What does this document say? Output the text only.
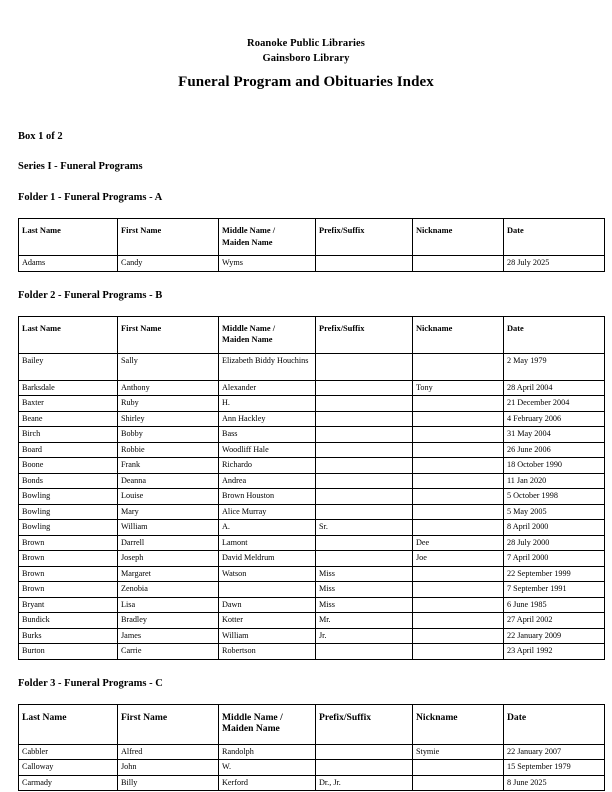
Roanoke Public Libraries
Gainsboro Library
Funeral Program and Obituaries Index
Box 1 of 2
Series I - Funeral Programs
Folder 1 - Funeral Programs - A
Last Name	First Name	Middle Name /
Maiden Name	Prefix/Suffix	Nickname	Date
Adams	Candy	Wyms			28 July 2025
Folder 2 - Funeral Programs - B
Last Name	First Name	Middle Name /
Maiden Name	Prefix/Suffix	Nickname	Date
Bailey	Sally	Elizabeth Biddy Houchins			2 May 1979
Barksdale	Anthony	Alexander		Tony	28 April 2004
Baxter	Ruby	H.			21 December 2004
Beane	Shirley	Ann Hackley			4 February 2006
Birch	Bobby	Bass			31 May 2004
Board	Robbie	Woodliff Hale			26 June 2006
Boone	Frank	Richardo			18 October 1990
Bonds	Deanna	Andrea			11 Jan 2020
Bowling	Louise	Brown Houston			5 October 1998
Bowling	Mary	Alice Murray			5 May 2005
Bowling	William	A.	Sr.		8 April 2000
Brown	Darrell	Lamont		Dee	28 July 2000
Brown	Joseph	David Meldrum		Joe	7 April 2000
Brown	Margaret	Watson	Miss		22 September 1999
Brown	Zenobia		Miss		7 September 1991
Bryant	Lisa	Dawn	Miss		6 June 1985
Bundick	Bradley	Kotter	Mr.		27 April 2002
Burks	James	William	Jr.		22 January 2009
Burton	Carrie	Robertson			23 April 1992
Folder 3 - Funeral Programs - C
Last Name	First Name	Middle Name /
Maiden Name	Prefix/Suffix	Nickname	Date
Cabbler	Alfred	Randolph		Stymie	22 January 2007
Calloway	John	W.			15 September 1979
Carmady	Billy	Kerford	Dr., Jr.		8 June 2025
